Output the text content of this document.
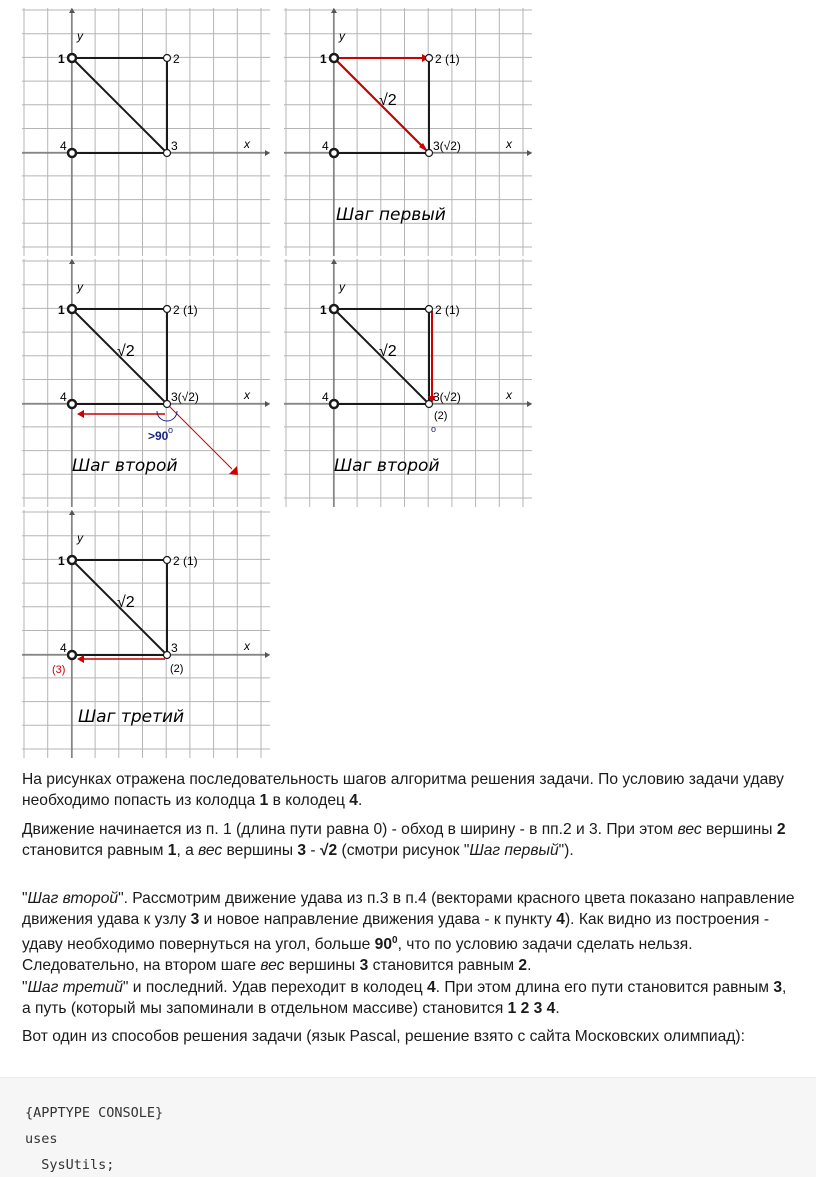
x
y
1	2
3
4	x
y
1	2 (1)
3(√2)
4
√2
Шаг первый
x
y
1	2 (1)
3(√2)
4
√2
>90 o
Шаг второй
x
y
1	2 (1)
3(√2)
(2)
4
√2
o
Шаг второй
x
y
1	2 (1)
3
(2)
4
(3)
√2
Шаг третий

На рисунках отражена последовательность шагов алгоритма решения задачи. По условию задачи удаву необходимо попасть из колодца 1 в колодец 4.

Движение начинается из п. 1 (длина пути равна 0) - обход в ширину - в пп.2 и 3. При этом вес вершины 2 становится равным 1, а вес вершины 3 - √2 (смотри рисунок "Шаг первый").

"Шаг второй". Рассмотрим движение удава из п.3 в п.4 (векторами красного цвета показано направление движения удава к узлу 3 и новое направление движения удава - к пункту 4). Как видно из построения - удаву необходимо повернуться на угол, больше $90^0$, что по условию задачи сделать нельзя. Следовательно, на втором шаге вес вершины 3 становится равным 2.

"Шаг третий" и последний. Удав переходит в колодец 4. При этом длина его пути становится равным 3, а путь (который мы запоминали в отдельном массиве) становится 1 2 3 4.

Вот один из способов решения задачи (язык Pascal, решение взято с сайта Московских олимпиад):

{APPTYPE CONSOLE}
uses
SysUtils;
